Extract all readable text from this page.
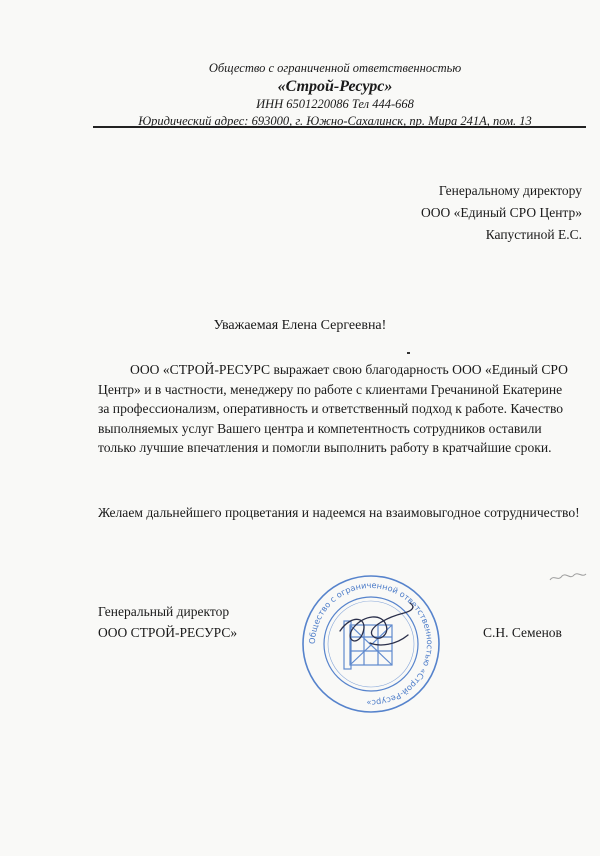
Общество с ограниченной ответственностью
«Строй-Ресурс»
ИНН 6501220086 Тел 444-668
Юридический адрес: 693000, г. Южно-Сахалинск, пр. Мира 241А, пом. 13
Генеральному директору
ООО «Единый СРО Центр»
Капустиной Е.С.
Уважаемая Елена Сергеевна!
ООО «СТРОЙ-РЕСУРС выражает свою благодарность ООО «Единый СРО Центр» и в частности, менеджеру по работе с клиентами Гречаниной Екатерине за профессионализм, оперативность и ответственный подход к работе. Качество выполняемых услуг Вашего центра и компетентность сотрудников оставили только лучшие впечатления и помогли выполнить работу в кратчайшие сроки.
Желаем дальнейшего процветания и надеемся на взаимовыгодное сотрудничество!
Генеральный директор
ООО СТРОЙ-РЕСУРС»	С.Н. Семенов
Общество с ограниченной ответственностью «Строй-Ресурс»
